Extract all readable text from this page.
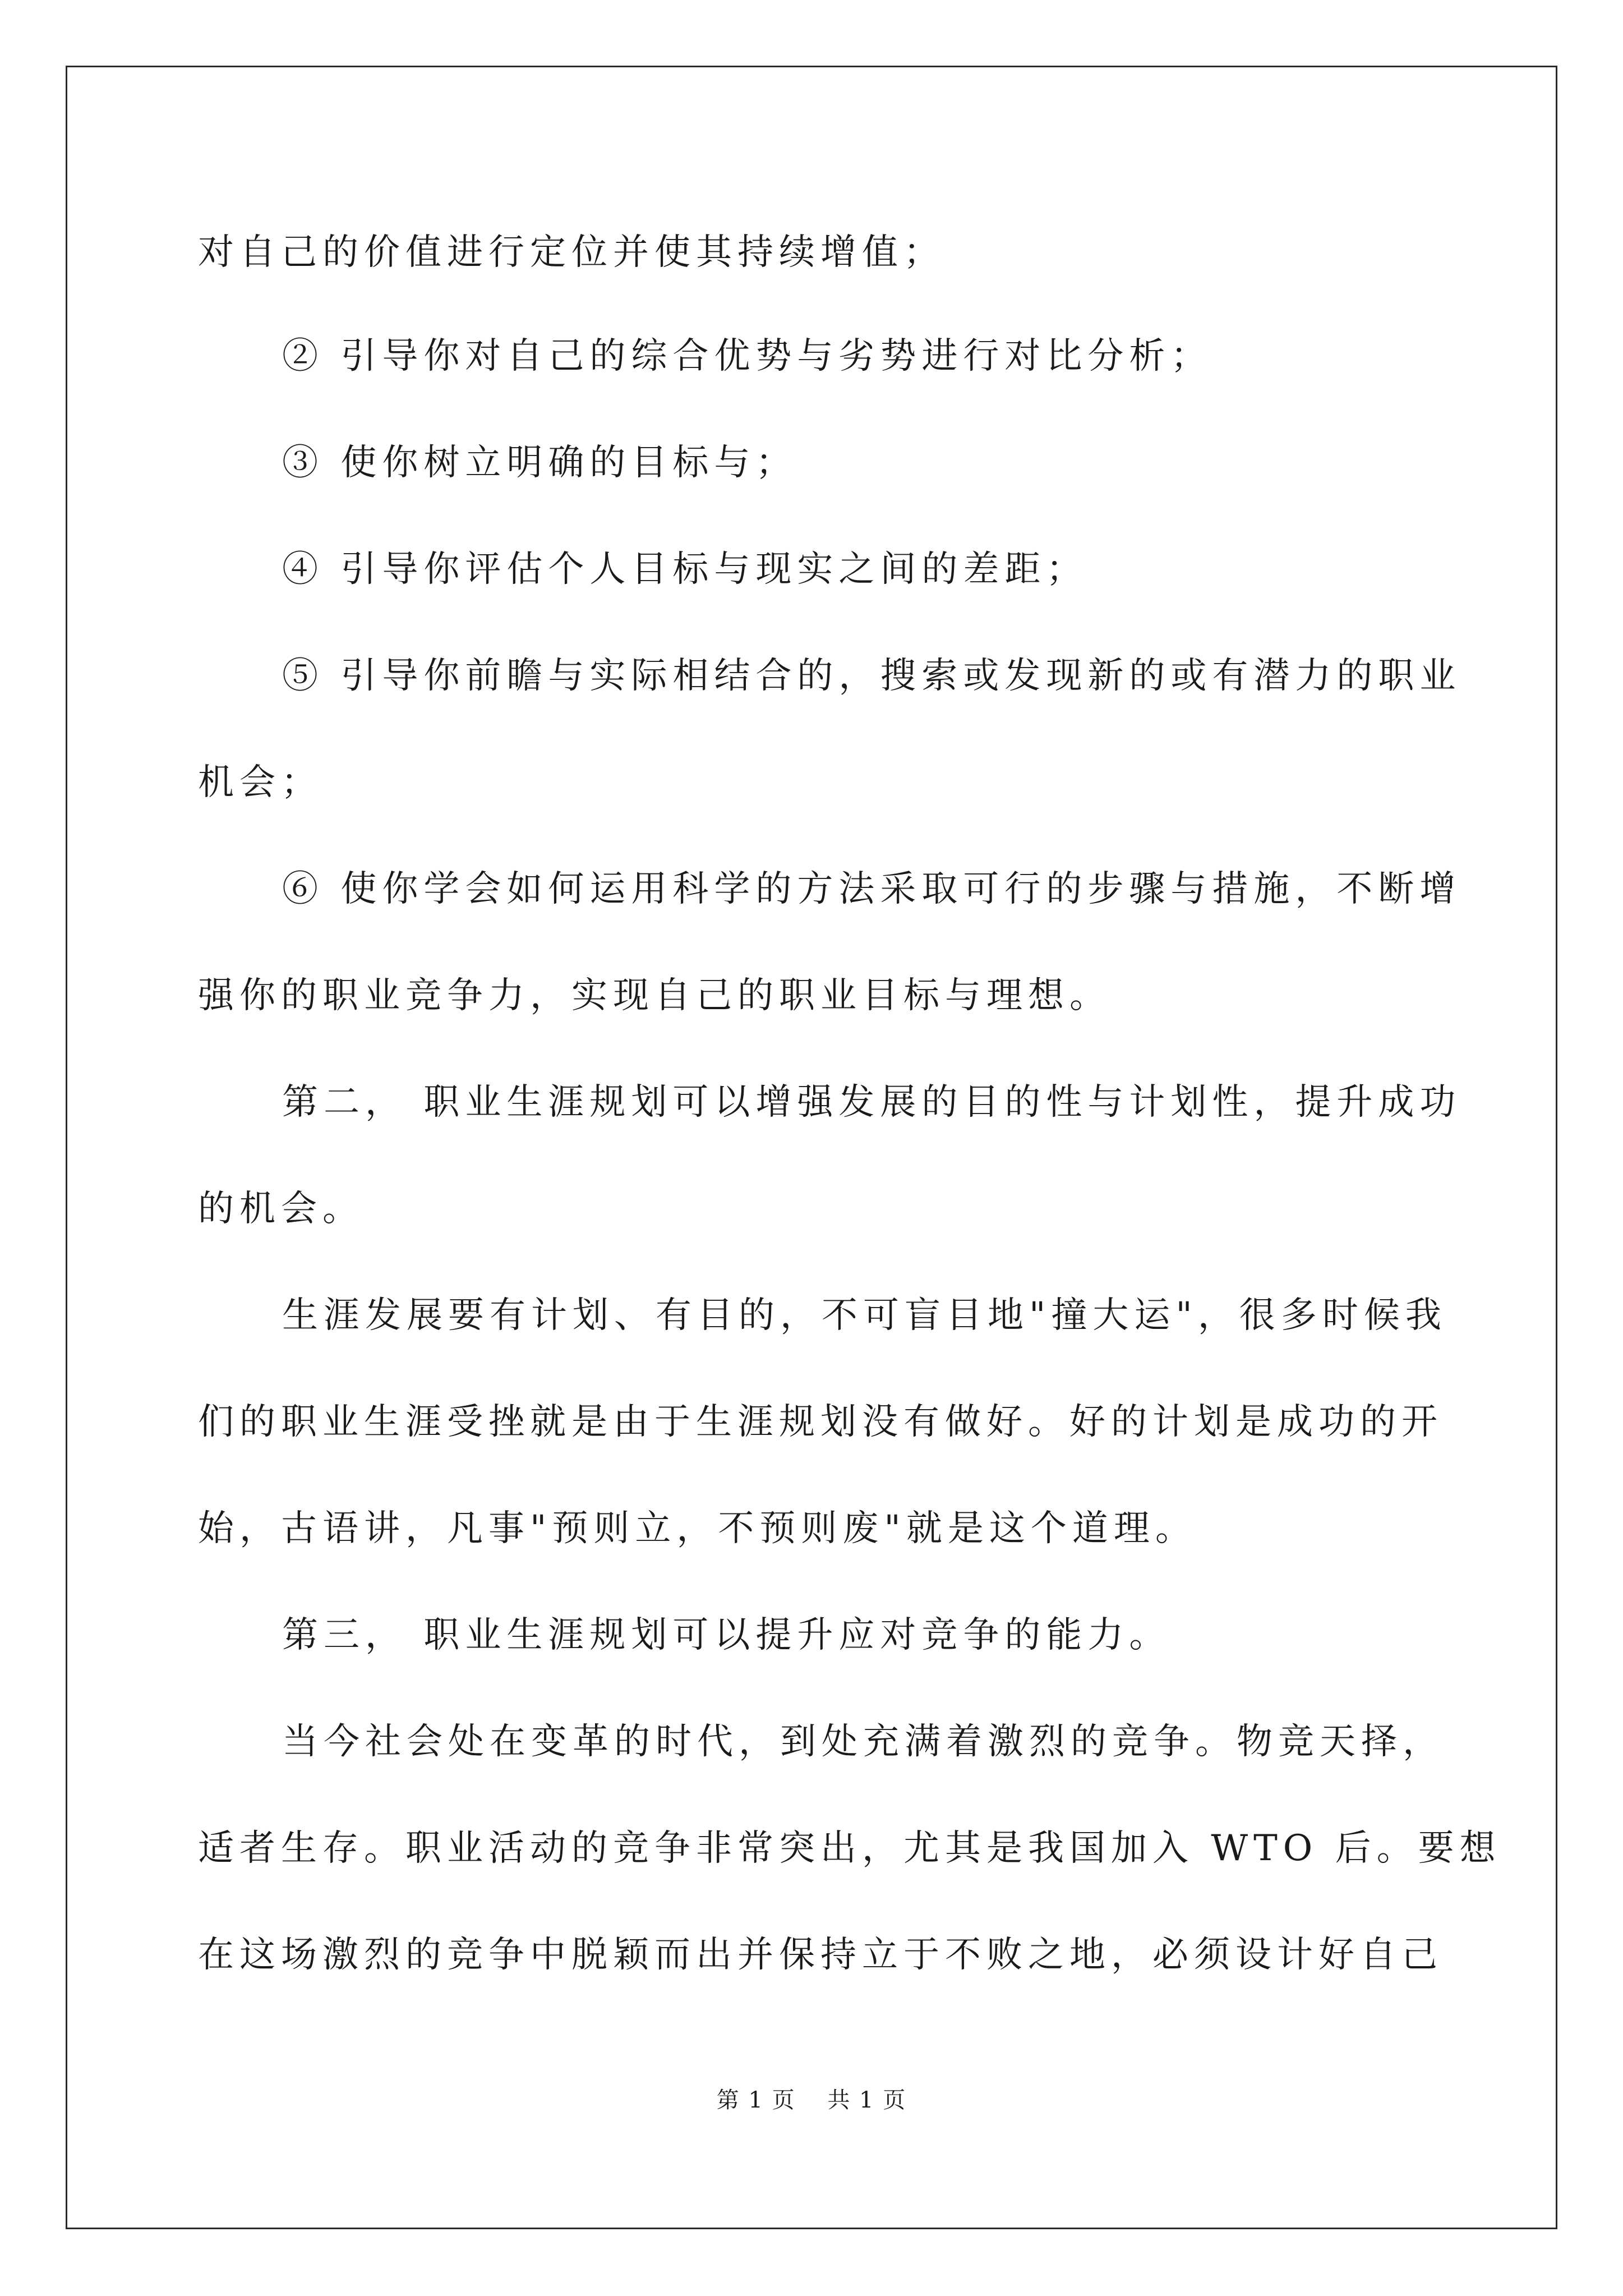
对自己的价值进行定位并使其持续增值；
② 引导你对自己的综合优势与劣势进行对比分析；
③ 使你树立明确的目标与；
④ 引导你评估个人目标与现实之间的差距；
⑤ 引导你前瞻与实际相结合的，搜索或发现新的或有潜力的职业
机会；
⑥ 使你学会如何运用科学的方法采取可行的步骤与措施，不断增
强你的职业竞争力，实现自己的职业目标与理想。
第二， 职业生涯规划可以增强发展的目的性与计划性，提升成功
的机会。
生涯发展要有计划、有目的，不可盲目地"撞大运"，很多时候我
们的职业生涯受挫就是由于生涯规划没有做好。好的计划是成功的开
始，古语讲，凡事"预则立，不预则废"就是这个道理。
第三， 职业生涯规划可以提升应对竞争的能力。
当今社会处在变革的时代，到处充满着激烈的竞争。物竞天择，
适者生存。职业活动的竞争非常突出，尤其是我国加入 WTO 后。要想
在这场激烈的竞争中脱颖而出并保持立于不败之地，必须设计好自己
第 1 页　 共 1 页
